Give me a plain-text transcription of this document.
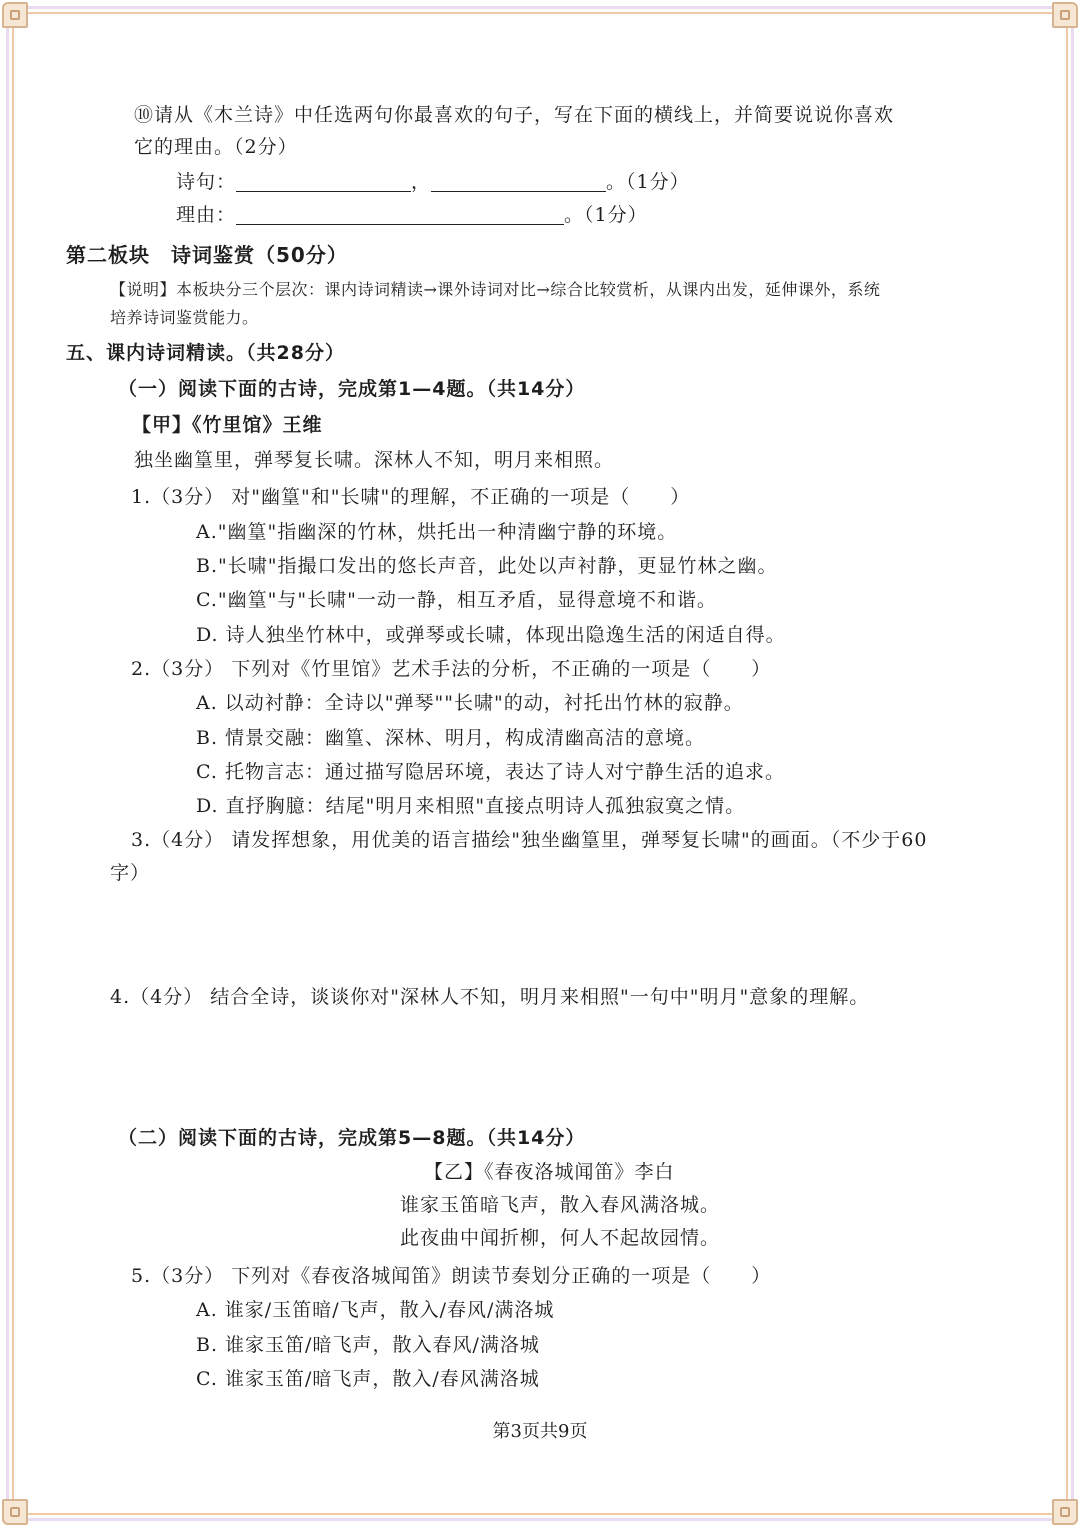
⑩请从《木兰诗》中任选两句你最喜欢的句子，写在下面的横线上，并简要说说你喜欢
它的理由。（2分）
诗句：	，	。（1分）
理由：	。（1分）
第二板块　诗词鉴赏（50分）
【说明】本板块分三个层次：课内诗词精读→课外诗词对比→综合比较赏析，从课内出发，延伸课外，系统
培养诗词鉴赏能力。
五、课内诗词精读。（共28分）
（一）阅读下面的古诗，完成第1—4题。（共14分）
【甲】《竹里馆》王维
独坐幽篁里，弹琴复长啸。深林人不知，明月来相照。
1.（3分） 对"幽篁"和"长啸"的理解，不正确的一项是（　　）
A."幽篁"指幽深的竹林，烘托出一种清幽宁静的环境。
B."长啸"指撮口发出的悠长声音，此处以声衬静，更显竹林之幽。
C."幽篁"与"长啸"一动一静，相互矛盾，显得意境不和谐。
D. 诗人独坐竹林中，或弹琴或长啸，体现出隐逸生活的闲适自得。
2.（3分） 下列对《竹里馆》艺术手法的分析，不正确的一项是（　　）
A. 以动衬静：全诗以"弹琴""长啸"的动，衬托出竹林的寂静。
B. 情景交融：幽篁、深林、明月，构成清幽高洁的意境。
C. 托物言志：通过描写隐居环境，表达了诗人对宁静生活的追求。
D. 直抒胸臆：结尾"明月来相照"直接点明诗人孤独寂寞之情。
3.（4分） 请发挥想象，用优美的语言描绘"独坐幽篁里，弹琴复长啸"的画面。（不少于60
字）
4.（4分） 结合全诗，谈谈你对"深林人不知，明月来相照"一句中"明月"意象的理解。
（二）阅读下面的古诗，完成第5—8题。（共14分）
【乙】《春夜洛城闻笛》李白
谁家玉笛暗飞声，散入春风满洛城。
此夜曲中闻折柳，何人不起故园情。
5.（3分） 下列对《春夜洛城闻笛》朗读节奏划分正确的一项是（　　）
A. 谁家/玉笛暗/飞声，散入/春风/满洛城
B. 谁家玉笛/暗飞声，散入春风/满洛城
C. 谁家玉笛/暗飞声，散入/春风满洛城
第3页共9页
